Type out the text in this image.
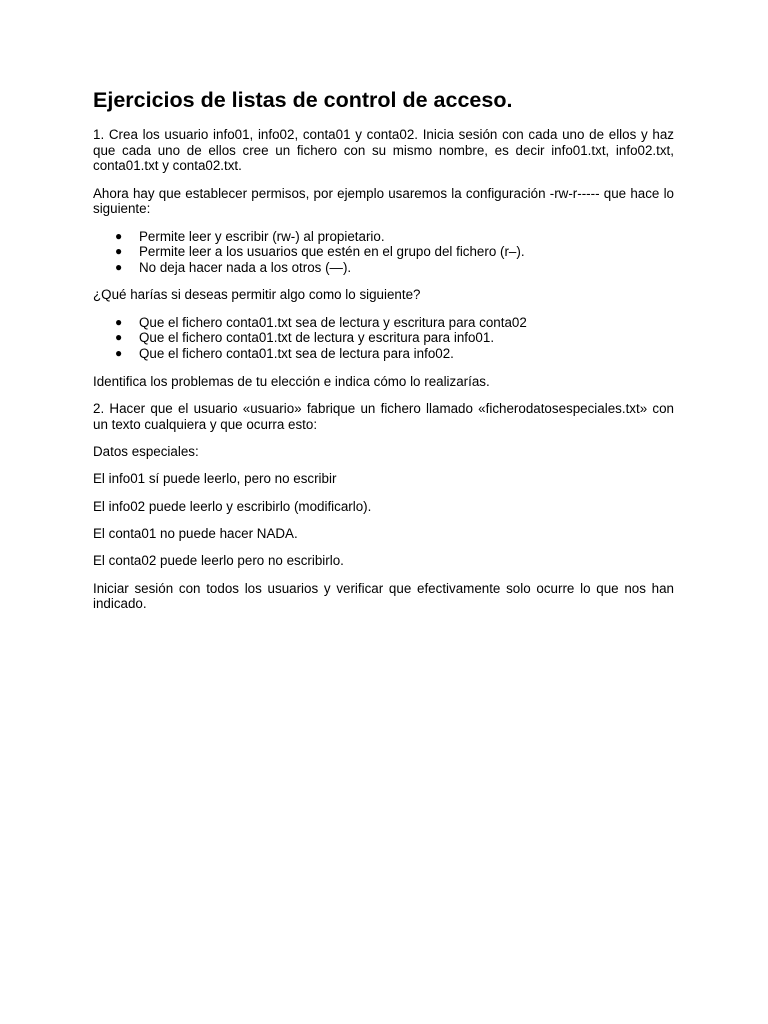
Ejercicios de listas de control de acceso.

1. Crea los usuario info01, info02, conta01 y conta02. Inicia sesión con cada uno de ellos y haz que cada uno de ellos cree un fichero con su mismo nombre, es decir info01.txt, info02.txt, conta01.txt y conta02.txt.

Ahora hay que establecer permisos, por ejemplo usaremos la configuración -rw-r----- que hace lo siguiente:

● Permite leer y escribir (rw-) al propietario.
● Permite leer a los usuarios que estén en el grupo del fichero (r–).
● No deja hacer nada a los otros (—).

¿Qué harías si deseas permitir algo como lo siguiente?

● Que el fichero conta01.txt sea de lectura y escritura para conta02
● Que el fichero conta01.txt de lectura y escritura para info01.
● Que el fichero conta01.txt sea de lectura para info02.

Identifica los problemas de tu elección e indica cómo lo realizarías.

2. Hacer que el usuario «usuario» fabrique un fichero llamado «ficherodatosespeciales.txt» con un texto cualquiera y que ocurra esto:

Datos especiales:

El info01 sí puede leerlo, pero no escribir

El info02 puede leerlo y escribirlo (modificarlo).

El conta01 no puede hacer NADA.

El conta02 puede leerlo pero no escribirlo.

Iniciar sesión con todos los usuarios y verificar que efectivamente solo ocurre lo que nos han indicado.
